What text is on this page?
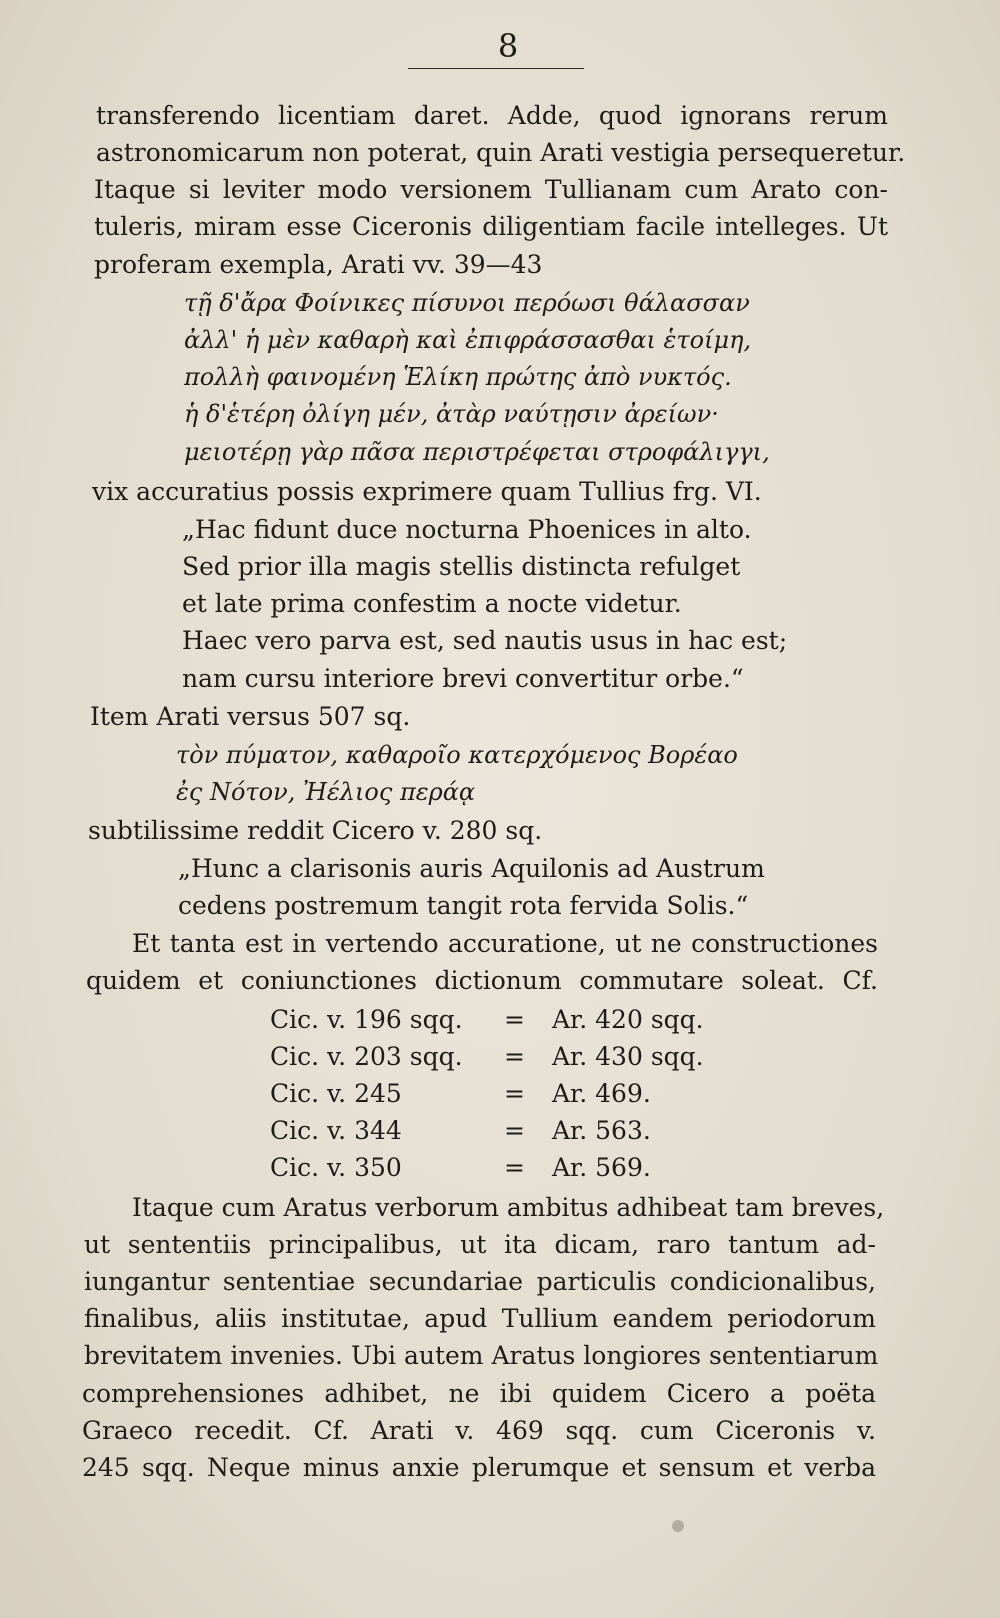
8
transferendo licentiam daret. Adde, quod ignorans rerum
astronomicarum non poterat, quin Arati vestigia persequeretur.
Itaque si leviter modo versionem Tullianam cum Arato con-
tuleris, miram esse Ciceronis diligentiam facile intelleges. Ut
proferam exempla, Arati vv. 39—43
τῇ δ'ἄρα Φοίνικες πίσυνοι περόωσι θάλασσαν
ἀλλ' ἡ μὲν καθαρὴ καὶ ἐπιφράσσασθαι ἑτοίμη,
πολλὴ φαινομένη Ἑλίκη πρώτης ἀπὸ νυκτός.
ἡ δ'ἑτέρη ὀλίγη μέν, ἀτὰρ ναύτῃσιν ἀρείων·
μειοτέρῃ γὰρ πᾶσα περιστρέφεται στροφάλιγγι,
vix accuratius possis exprimere quam Tullius frg. VI.
„Hac fidunt duce nocturna Phoenices in alto.
Sed prior illa magis stellis distincta refulget
et late prima confestim a nocte videtur.
Haec vero parva est, sed nautis usus in hac est;
nam cursu interiore brevi convertitur orbe.“
Item Arati versus 507 sq.
τὸν πύματον, καθαροῖο κατερχόμενος Βορέαο
ἐς Νότον, Ἠέλιος περάᾳ
subtilissime reddit Cicero v. 280 sq.
„Hunc a clarisonis auris Aquilonis ad Austrum
cedens postremum tangit rota fervida Solis.“
Et tanta est in vertendo accuratione, ut ne constructiones
quidem et coniunctiones dictionum commutare soleat. Cf.
Cic. v. 196 sqq. = Ar. 420 sqq.
Cic. v. 203 sqq. = Ar. 430 sqq.
Cic. v. 245	= Ar. 469.
Cic. v. 344	= Ar. 563.
Cic. v. 350	= Ar. 569.
Itaque cum Aratus verborum ambitus adhibeat tam breves,
ut sententiis principalibus, ut ita dicam, raro tantum ad-
iungantur sententiae secundariae particulis condicionalibus,
finalibus, aliis institutae, apud Tullium eandem periodorum
brevitatem invenies. Ubi autem Aratus longiores sententiarum
comprehensiones adhibet, ne ibi quidem Cicero a poëta
Graeco recedit. Cf. Arati v. 469 sqq. cum Ciceronis v.
245 sqq. Neque minus anxie plerumque et sensum et verba
